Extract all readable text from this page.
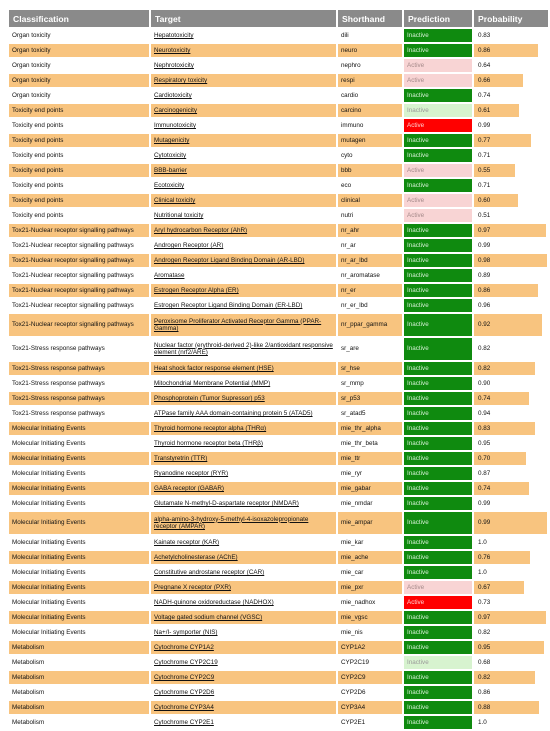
Classification	Target	Shorthand	Prediction	Probability
Organ toxicity	Hepatotoxicity	dili	Inactive	0.83
Organ toxicity	Neurotoxicity	neuro	Inactive	0.86
Organ toxicity	Nephrotoxicity	nephro	Active	0.64
Organ toxicity	Respiratory toxicity	respi	Active	0.66
Organ toxicity	Cardiotoxicity	cardio	Inactive	0.74
Toxicity end points	Carcinogenicity	carcino	Inactive	0.61
Toxicity end points	Immunotoxicity	immuno	Active	0.99
Toxicity end points	Mutagenicity	mutagen	Inactive	0.77
Toxicity end points	Cytotoxicity	cyto	Inactive	0.71
Toxicity end points	BBB-barrier	bbb	Active	0.55
Toxicity end points	Ecotoxicity	eco	Inactive	0.71
Toxicity end points	Clinical toxicity	clinical	Active	0.60
Toxicity end points	Nutritional toxicity	nutri	Active	0.51
Tox21-Nuclear receptor signalling pathways	Aryl hydrocarbon Receptor (AhR)	nr_ahr	Inactive	0.97
Tox21-Nuclear receptor signalling pathways	Androgen Receptor (AR)	nr_ar	Inactive	0.99
Tox21-Nuclear receptor signalling pathways	Androgen Receptor Ligand Binding Domain (AR-LBD)	nr_ar_lbd	Inactive	0.98
Tox21-Nuclear receptor signalling pathways	Aromatase	nr_aromatase	Inactive	0.89
Tox21-Nuclear receptor signalling pathways	Estrogen Receptor Alpha (ER)	nr_er	Inactive	0.86
Tox21-Nuclear receptor signalling pathways	Estrogen Receptor Ligand Binding Domain (ER-LBD)	nr_er_lbd	Inactive	0.96
Tox21-Nuclear receptor signalling pathways	Peroxisome Proliferator Activated Receptor Gamma (PPAR-Gamma)	nr_ppar_gamma	Inactive	0.92
Tox21-Stress response pathways	Nuclear factor (erythroid-derived 2)-like 2/antioxidant responsive element (nrf2/ARE)	sr_are	Inactive	0.82
Tox21-Stress response pathways	Heat shock factor response element (HSE)	sr_hse	Inactive	0.82
Tox21-Stress response pathways	Mitochondrial Membrane Potential (MMP)	sr_mmp	Inactive	0.90
Tox21-Stress response pathways	Phosphoprotein (Tumor Supressor) p53	sr_p53	Inactive	0.74
Tox21-Stress response pathways	ATPase family AAA domain-containing protein 5 (ATAD5)	sr_atad5	Inactive	0.94
Molecular Initiating Events	Thyroid hormone receptor alpha (THRα)	mie_thr_alpha	Inactive	0.83
Molecular Initiating Events	Thyroid hormone receptor beta (THRβ)	mie_thr_beta	Inactive	0.95
Molecular Initiating Events	Transtyretrin (TTR)	mie_ttr	Inactive	0.70
Molecular Initiating Events	Ryanodine receptor (RYR)	mie_ryr	Inactive	0.87
Molecular Initiating Events	GABA receptor (GABAR)	mie_gabar	Inactive	0.74
Molecular Initiating Events	Glutamate N-methyl-D-aspartate receptor (NMDAR)	mie_nmdar	Inactive	0.99
Molecular Initiating Events	alpha-amino-3-hydroxy-5-methyl-4-isoxazolepropionate receptor (AMPAR)	mie_ampar	Inactive	0.99
Molecular Initiating Events	Kainate receptor (KAR)	mie_kar	Inactive	1.0
Molecular Initiating Events	Achetylcholinesterase (AChE)	mie_ache	Inactive	0.76
Molecular Initiating Events	Constitutive androstane receptor (CAR)	mie_car	Inactive	1.0
Molecular Initiating Events	Pregnane X receptor (PXR)	mie_pxr	Active	0.67
Molecular Initiating Events	NADH-quinone oxidoreductase (NADHOX)	mie_nadhox	Active	0.73
Molecular Initiating Events	Voltage gated sodium channel (VGSC)	mie_vgsc	Inactive	0.97
Molecular Initiating Events	Na+/I- symporter (NIS)	mie_nis	Inactive	0.82
Metabolism	Cytochrome CYP1A2	CYP1A2	Inactive	0.95
Metabolism	Cytochrome CYP2C19	CYP2C19	Inactive	0.68
Metabolism	Cytochrome CYP2C9	CYP2C9	Inactive	0.82
Metabolism	Cytochrome CYP2D6	CYP2D6	Inactive	0.86
Metabolism	Cytochrome CYP3A4	CYP3A4	Inactive	0.88
Metabolism	Cytochrome CYP2E1	CYP2E1	Inactive	1.0
